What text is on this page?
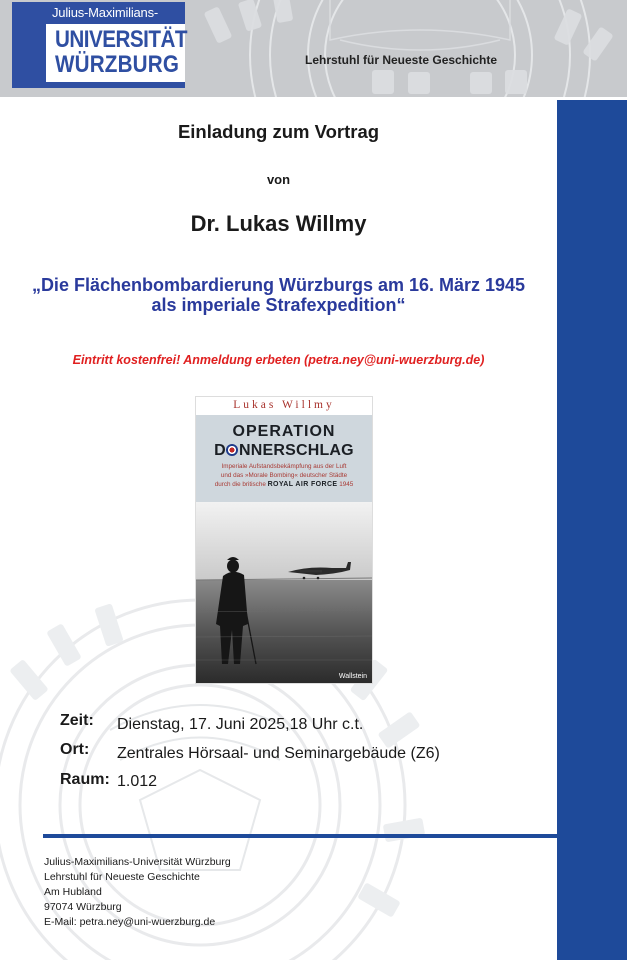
Julius-Maximilians-
UNIVERSITÄT
WÜRZBURG	Lehrstuhl für Neueste Geschichte
Einladung zum Vortrag
von
Dr. Lukas Willmy
„Die Flächenbombardierung Würzburgs am 16. März 1945
als imperiale Strafexpedition“
Eintritt kostenfrei! Anmeldung erbeten (petra.ney@uni-wuerzburg.de)
Lukas Willmy
OPERATION
D NNERSCHLAG
Imperiale Aufstandsbekämpfung aus der Luft
und das »Morale Bombing« deutscher Städte
durch die britische ROYAL AIR FORCE 1945
Wallstein
Zeit: Dienstag, 17. Juni 2025,18 Uhr c.t.
Ort: Zentrales Hörsaal- und Seminargebäude (Z6)
Raum: 1.012
Julius-Maximilians-Universität Würzburg
Lehrstuhl für Neueste Geschichte
Am Hubland
97074 Würzburg
E-Mail: petra.ney@uni-wuerzburg.de
